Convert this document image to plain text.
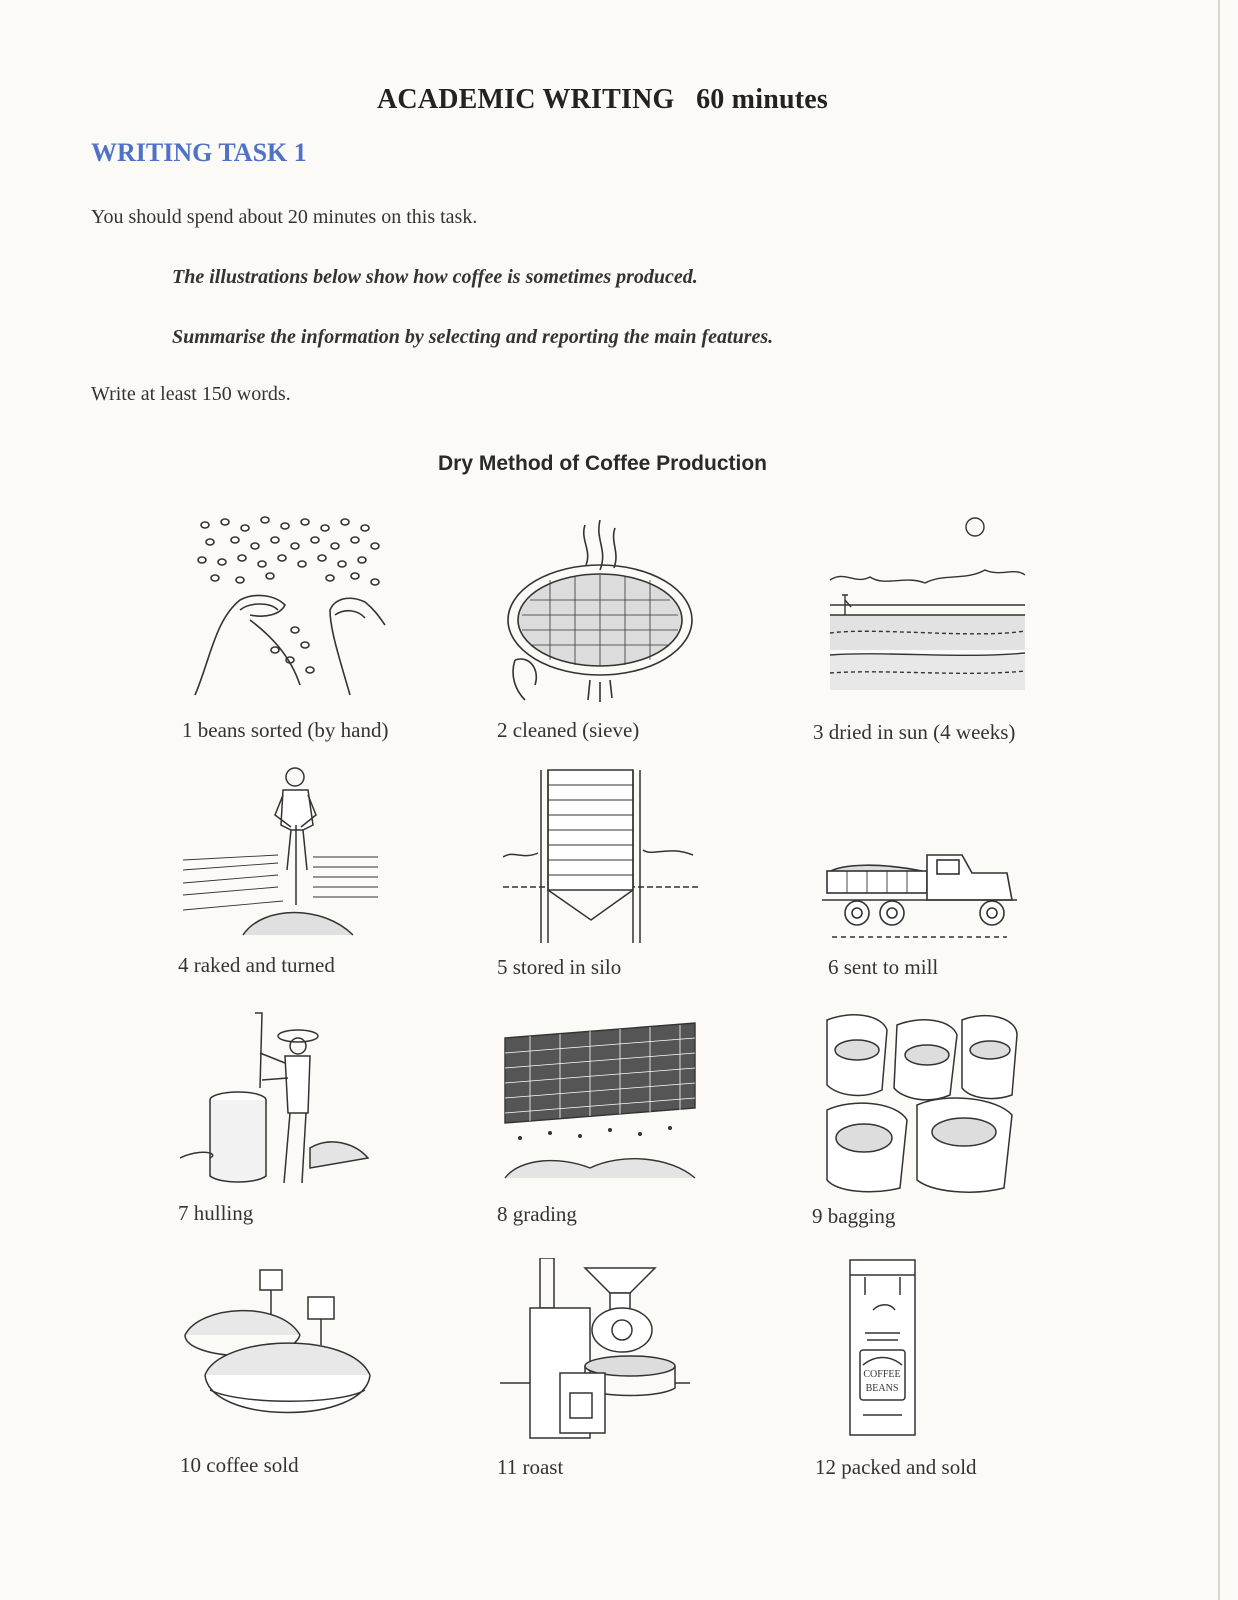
ACADEMIC WRITING   60 minutes
WRITING TASK 1
You should spend about 20 minutes on this task.
The illustrations below show how coffee is sometimes produced.
Summarise the information by selecting and reporting the main features.
Write at least 150 words.
Dry Method of Coffee Production
1 beans sorted (by hand)	2 cleaned (sieve)	3 dried in sun (4 weeks)
4 raked and turned	5 stored in silo	6 sent to mill
7 hulling	8 grading	9 bagging
10 coffee sold	11 roast
COFFEE
BEANS
12 packed and sold
